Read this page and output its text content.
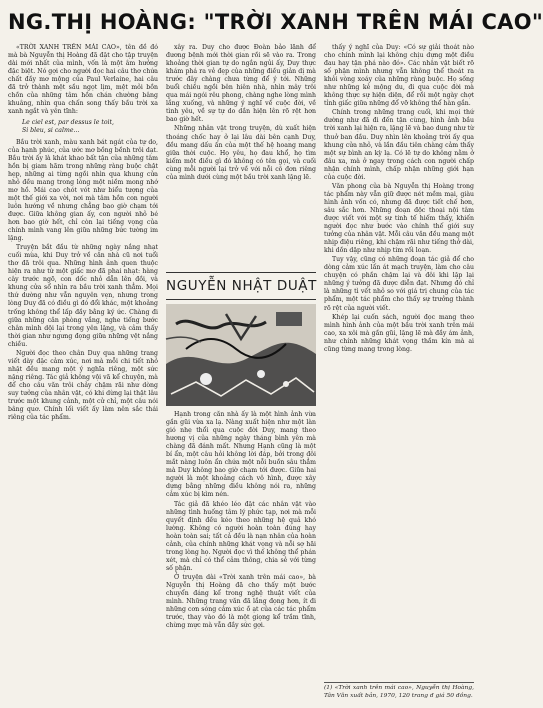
NG.THỊ HOÀNG: "TRỜI XANH TRÊN MÁI CAO"

«TRỜI XANH TRÊN MÁI CAO», tên đề đó mà bà Nguyễn thị Hoàng đã đặt cho tập truyện dài mới nhất của mình, vốn là một âm hưởng đặc biệt. Nó gợi cho người đọc hai câu thơ chứa chất đầy mơ mộng của Paul Verlaine, hai câu đã trở thành mệt sầu ngọt lịm, mệt mỏi bồn chồn của những tâm hồn chán chường bâng khuâng, nhìn qua chấn song thấy bầu trời xa xanh ngắt và yên tĩnh:

Le ciel est, par dessus le toit,
Si bleu, si calme...

Bầu trời xanh, màu xanh bát ngát của tự do, của hạnh phúc, của ước mơ bồng bềnh trôi dạt. Bầu trời ấy là khát khao bất tận của những tâm hồn bị giam hãm trong những ràng buộc chật hẹp, những ai từng ngồi nhìn qua khung cửa nhỏ đều mang trong lòng một niềm mong nhớ mơ hồ. Mái cao chót vót như biểu tượng của một thế giới xa vời, nơi mà tâm hồn con người luôn hướng về nhưng chẳng bao giờ chạm tới được. Giữa không gian ấy, con người nhỏ bé hơn bao giờ hết, chỉ còn lại tiếng vọng của chính mình vang lên giữa những bức tường im lặng.

Truyện bắt đầu từ những ngày nắng nhạt cuối mùa, khi Duy trở về căn nhà cũ nơi tuổi thơ đã trôi qua. Những hình ảnh quen thuộc hiện ra như từ một giấc mơ đã phai nhạt: hàng cây trước ngõ, con dốc nhỏ dẫn lên đồi, và khung cửa sổ nhìn ra bầu trời xanh thẳm. Mọi thứ dường như vẫn nguyên vẹn, nhưng trong lòng Duy đã có điều gì đó đổi khác, một khoảng trống không thể lấp đầy bằng ký ức. Chàng đi giữa những căn phòng vắng, nghe tiếng bước chân mình dội lại trong yên lặng, và cảm thấy thời gian như ngưng đọng giữa những vệt nắng chiều.

Người đọc theo chân Duy qua những trang viết dày đặc cảm xúc, nơi mà mỗi chi tiết nhỏ nhặt đều mang một ý nghĩa riêng, một sức nặng riêng. Tác giả không vội vã kể chuyện, mà để cho câu văn trôi chảy chậm rãi như dòng suy tưởng của nhân vật, có khi dừng lại thật lâu trước một khung cảnh, một cử chỉ, một câu nói bâng quơ. Chính lối viết ấy làm nên sắc thái riêng của tác phẩm.

xây ra. Duy cho được Đoàn bảo lãnh để đương bệnh mới thời gian rồi sẽ vào ra. Trong khoảng thời gian tự do ngắn ngủi ấy, Duy thực khám phá ra vẻ đẹp của những điều giản dị mà trước đây chàng chưa từng để ý tới. Những buổi chiều ngồi bên hiên nhà, nhìn mây trôi qua mái ngói rêu phong, chàng nghe lòng mình lắng xuống, và những ý nghĩ về cuộc đời, về tình yêu, về sự tự do dần hiện lên rõ rệt hơn bao giờ hết.

Những nhân vật trong truyện, dù xuất hiện thoáng chốc hay ở lại lâu dài bên cạnh Duy, đều mang dấu ấn của một thế hệ hoang mang giữa thời cuộc. Họ yêu, họ đau khổ, họ tìm kiếm một điều gì đó không có tên gọi, và cuối cùng mỗi người lại trở về với nỗi cô đơn riêng của mình dưới cùng một bầu trời xanh lặng lẽ.

NGUYỄN NHẬT DUẬT

Hạnh trong căn nhà ấy là một hình ảnh vừa gần gũi vừa xa lạ. Nàng xuất hiện như một làn gió nhẹ thổi qua cuộc đời Duy, mang theo hương vị của những ngày tháng bình yên mà chàng đã đánh mất. Nhưng Hạnh cũng là một bí ẩn, một câu hỏi không lời đáp, bởi trong đôi mắt nàng luôn ẩn chứa một nỗi buồn sâu thẳm mà Duy không bao giờ chạm tới được. Giữa hai người là một khoảng cách vô hình, được xây dựng bằng những điều không nói ra, những cảm xúc bị kìm nén.

Tác giả đã khéo léo đặt các nhân vật vào những tình huống tâm lý phức tạp, nơi mà mỗi quyết định đều kéo theo những hệ quả khó lường. Không có người hoàn toàn đúng hay hoàn toàn sai; tất cả đều là nạn nhân của hoàn cảnh, của chính những khát vọng và nỗi sợ hãi trong lòng họ. Người đọc vì thế không thể phán xét, mà chỉ có thể cảm thông, chia sẻ với từng số phận.

Ở truyện dài «Trời xanh trên mái cao», bà Nguyễn thị Hoàng đã cho thấy một bước chuyển đáng kể trong nghệ thuật viết của mình. Những trang văn đã lắng đọng hơn, ít đi những cơn sóng cảm xúc ồ ạt của các tác phẩm trước, thay vào đó là một giọng kể trầm tĩnh, chừng mực mà vẫn đầy sức gợi.

thấy ý nghĩ của Duy: «Có sự giải thoát nào cho chính mình lại không chịu dựng một điều đau hay tận phá nào đó». Các nhân vật biết rõ số phận mình nhưng vẫn không thể thoát ra khỏi vòng xoáy của những ràng buộc. Họ sống như những kẻ mộng du, đi qua cuộc đời mà không thực sự hiện diện, để rồi một ngày chợt tỉnh giấc giữa những đổ vỡ không thể hàn gắn.

Chính trong những trang cuối, khi mọi thứ dường như đã đi đến tận cùng, hình ảnh bầu trời xanh lại hiện ra, lặng lẽ và bao dung như từ thuở ban đầu. Duy nhìn lên khoảng trời ấy qua khung cửa nhỏ, và lần đầu tiên chàng cảm thấy một sự bình an kỳ lạ. Có lẽ tự do không nằm ở đâu xa, mà ở ngay trong cách con người chấp nhận chính mình, chấp nhận những giới hạn của cuộc đời.

Văn phong của bà Nguyễn thị Hoàng trong tác phẩm này vẫn giữ được nét mềm mại, giàu hình ảnh vốn có, nhưng đã được tiết chế hơn, sâu sắc hơn. Những đoạn độc thoại nội tâm được viết với một sự tinh tế hiếm thấy, khiến người đọc như bước vào chính thế giới suy tưởng của nhân vật. Mỗi câu văn đều mang một nhịp điệu riêng, khi chậm rãi như tiếng thở dài, khi dồn dập như nhịp tim rối loạn.

Tuy vậy, cũng có những đoạn tác giả để cho dòng cảm xúc lấn át mạch truyện, làm cho câu chuyện có phần chậm lại và đôi khi lặp lại những ý tưởng đã được diễn đạt. Nhưng đó chỉ là những tì vết nhỏ so với giá trị chung của tác phẩm, một tác phẩm cho thấy sự trưởng thành rõ rệt của người viết.

Khép lại cuốn sách, người đọc mang theo mình hình ảnh của một bầu trời xanh trên mái cao, xa xôi mà gần gũi, lặng lẽ mà đầy ám ảnh, như chính những khát vọng thầm kín mà ai cũng từng mang trong lòng.

(1) «Trời xanh trên mái cao», Nguyễn thị Hoàng, Tân Văn xuất bản, 1970, 120 trang đ giá 50 đồng.
